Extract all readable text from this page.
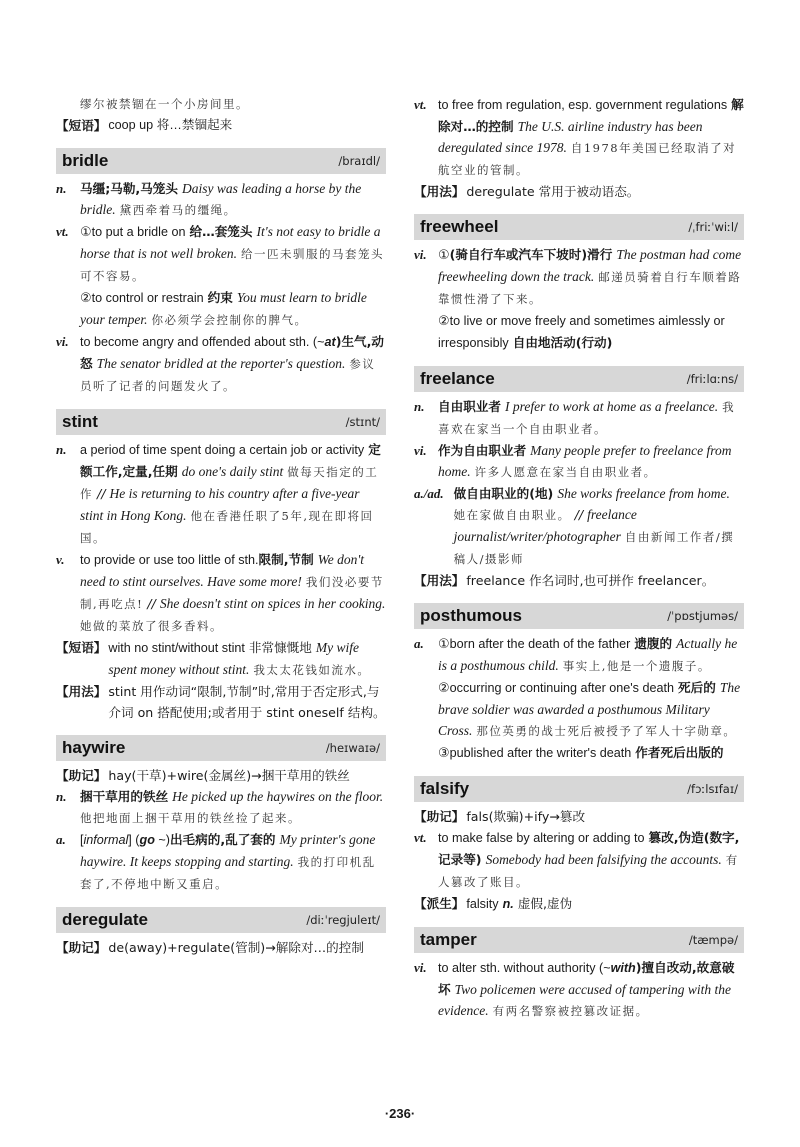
缪尔被禁锢在一个小房间里。
【短语】 coop up 将…禁锢起来
bridle	/braɪdl/
n.	马缰;马勒,马笼头 Daisy was leading a horse by the bridle. 黛西牵着马的缰绳。
vt. ①to put a bridle on 给…套笼头 It's not easy to bridle a horse that is not well broken. 给一匹未驯服的马套笼头可不容易。
②to control or restrain 约束 You must learn to bridle your temper. 你必须学会控制你的脾气。
vi. to become angry and offended about sth. (~at)生气,动怒 The senator bridled at the reporter's question. 参议员听了记者的问题发火了。
stint	/stɪnt/
n.	a period of time spent doing a certain job or activity 定额工作,定量,任期 do one's daily stint 做每天指定的工作 // He is returning to his country after a five-year stint in Hong Kong. 他在香港任职了5年,现在即将回国。
v.	to provide or use too little of sth.限制,节制 We don't need to stint ourselves. Have some more! 我们没必要节制,再吃点! // She doesn't stint on spices in her cooking. 她做的菜放了很多香料。
【短语】 with no stint/without stint 非常慷慨地 My wife spent money without stint. 我太太花钱如流水。
【用法】 stint 用作动词“限制,节制”时,常用于否定形式,与介词 on 搭配使用;或者用于 stint oneself 结构。
haywire	/heɪwaɪə/
【助记】 hay(干草)+wire(金属丝)→捆干草用的铁丝
n.	捆干草用的铁丝 He picked up the haywires on the floor. 他把地面上捆干草用的铁丝捡了起来。
a.	[informal] (go ~)出毛病的,乱了套的 My printer's gone haywire. It keeps stopping and starting. 我的打印机乱套了,不停地中断又重启。
deregulate	/diːˈregjuleɪt/
【助记】 de(away)+regulate(管制)→解除对…的控制
vt. to free from regulation, esp. government regulations 解除对…的控制 The U.S. airline industry has been deregulated since 1978. 自1978年美国已经取消了对航空业的管制。
【用法】 deregulate 常用于被动语态。
freewheel	/ˌfriːˈwiːl/
vi. ①(骑自行车或汽车下坡时)滑行 The postman had come freewheeling down the track. 邮递员骑着自行车顺着路靠惯性滑了下来。
②to live or move freely and sometimes aimlessly or irresponsibly 自由地活动(行动)
freelance	/friːlɑːns/
n.	自由职业者 I prefer to work at home as a freelance. 我喜欢在家当一个自由职业者。
vi. 作为自由职业者 Many people prefer to freelance from home. 许多人愿意在家当自由职业者。
a./ad. 做自由职业的(地) She works freelance from home. 她在家做自由职业。 // freelance journalist/writer/photographer 自由新闻工作者/撰稿人/摄影师
【用法】 freelance 作名词时,也可拼作 freelancer。
posthumous	/ˈpɒstjuməs/
a.	①born after the death of the father 遗腹的 Actually he is a posthumous child. 事实上,他是一个遗腹子。
②occurring or continuing after one's death 死后的 The brave soldier was awarded a posthumous Military Cross. 那位英勇的战士死后被授予了军人十字勋章。
③published after the writer's death 作者死后出版的
falsify	/fɔːlsɪfaɪ/
【助记】 fals(欺骗)+ify→篡改
vt. to make false by altering or adding to 篡改,伪造(数字,记录等) Somebody had been falsifying the accounts. 有人篡改了账目。
【派生】 falsity n. 虚假,虚伪
tamper	/tæmpə/
vi. to alter sth. without authority (~with)擅自改动,故意破坏 Two policemen were accused of tampering with the evidence. 有两名警察被控篡改证据。
·236·
